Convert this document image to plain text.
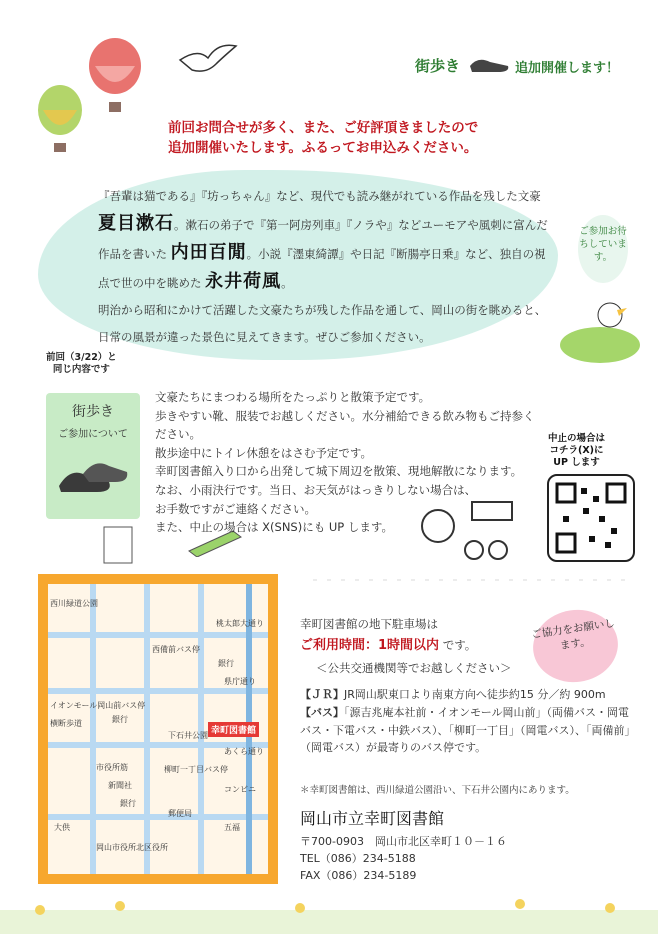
街歩き	追加開催します！
前回お問合せが多く、また、ご好評頂きましたので
追加開催いたします。ふるってお申込みください。
『吾輩は猫である』『坊っちゃん』など、現代でも読み継がれている作品を残した文豪 夏目漱石。漱石の弟子で『第一阿房列車』『ノラや』などユーモアや風刺に富んだ作品を書いた 内田百閒。小説『濹東綺譚』や日記『断腸亭日乗』など、独自の視点で世の中を眺めた 永井荷風。
明治から昭和にかけて活躍した文豪たちが残した作品を通して、岡山の街を眺めると、日常の風景が違った景色に見えてきます。ぜひご参加ください。
ご参加お待ちしています。
前回（3/22）と
同じ内容です
街歩き
ご参加について
文豪たちにまつわる場所をたっぷりと散策予定です。
歩きやすい靴、服装でお越しください。水分補給できる飲み物もご持参ください。
散歩途中にトイレ休憩をはさむ予定です。
幸町図書館入り口から出発して城下周辺を散策、現地解散になります。
なお、小雨決行です。当日、お天気がはっきりしない場合は、
お手数ですがご連絡ください。
また、中止の場合は X(SNS)にも UP します。
中止の場合は
コチラ(X)に
UP します
桃太郎大通り
西川緑道公園
西備前バス停
銀行
県庁通り
イオンモール岡山前バス停
横断歩道
幸町図書館
下石井公園
あくら通り
市役所筋
新聞社
柳町一丁目バス停
銀行
コンビニ
大供	五福
岡山市役所北区役所
郵便局
銀行
幸町図書館の地下駐車場は
ご利用時間：1時間以内 です。
ご協力をお願いします。
＜公共交通機関等でお越しください＞
【ＪＲ】JR岡山駅東口より南東方向へ徒歩約15 分／約 900m
【バス】「源吉兆庵本社前・イオンモール岡山前」（両備バス・岡電バス・下電バス・中鉄バス）、「柳町一丁目」（岡電バス）、「両備前」（岡電バス）が最寄りのバス停です。
＊幸町図書館は、西川緑道公園沿い、下石井公園内にあります。
岡山市立幸町図書館
〒700-0903　岡山市北区幸町１０－１６
TEL（086）234-5188
FAX（086）234-5189
